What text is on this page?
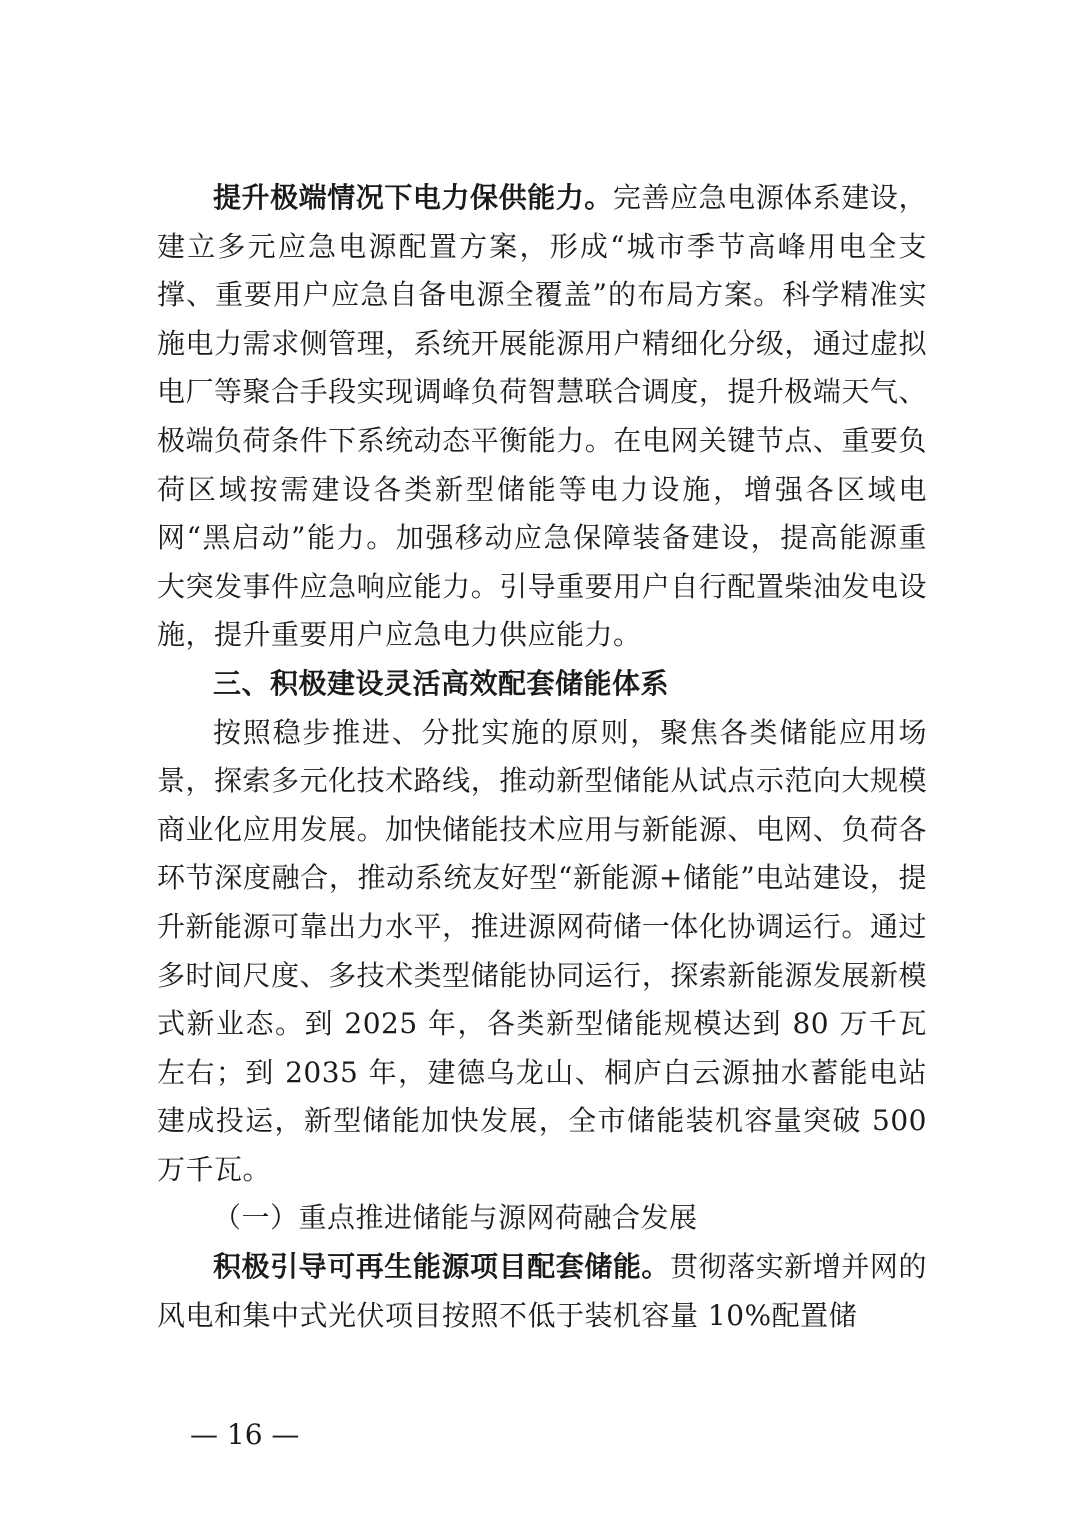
提升极端情况下电力保供能力。完善应急电源体系建设，建立多元应急电源配置方案，形成“城市季节高峰用电全支撑、重要用户应急自备电源全覆盖”的布局方案。科学精准实施电力需求侧管理，系统开展能源用户精细化分级，通过虚拟电厂等聚合手段实现调峰负荷智慧联合调度，提升极端天气、极端负荷条件下系统动态平衡能力。在电网关键节点、重要负荷区域按需建设各类新型储能等电力设施，增强各区域电网“黑启动”能力。加强移动应急保障装备建设，提高能源重大突发事件应急响应能力。引导重要用户自行配置柴油发电设施，提升重要用户应急电力供应能力。

三、积极建设灵活高效配套储能体系

按照稳步推进、分批实施的原则，聚焦各类储能应用场景，探索多元化技术路线，推动新型储能从试点示范向大规模商业化应用发展。加快储能技术应用与新能源、电网、负荷各环节深度融合，推动系统友好型“新能源+储能”电站建设，提升新能源可靠出力水平，推进源网荷储一体化协调运行。通过多时间尺度、多技术类型储能协同运行，探索新能源发展新模式新业态。到 2025 年，各类新型储能规模达到 80 万千瓦左右；到 2035 年，建德乌龙山、桐庐白云源抽水蓄能电站建成投运，新型储能加快发展，全市储能装机容量突破 500 万千瓦。

（一）重点推进储能与源网荷融合发展

积极引导可再生能源项目配套储能。贯彻落实新增并网的风电和集中式光伏项目按照不低于装机容量 10%配置储

— 16 —
